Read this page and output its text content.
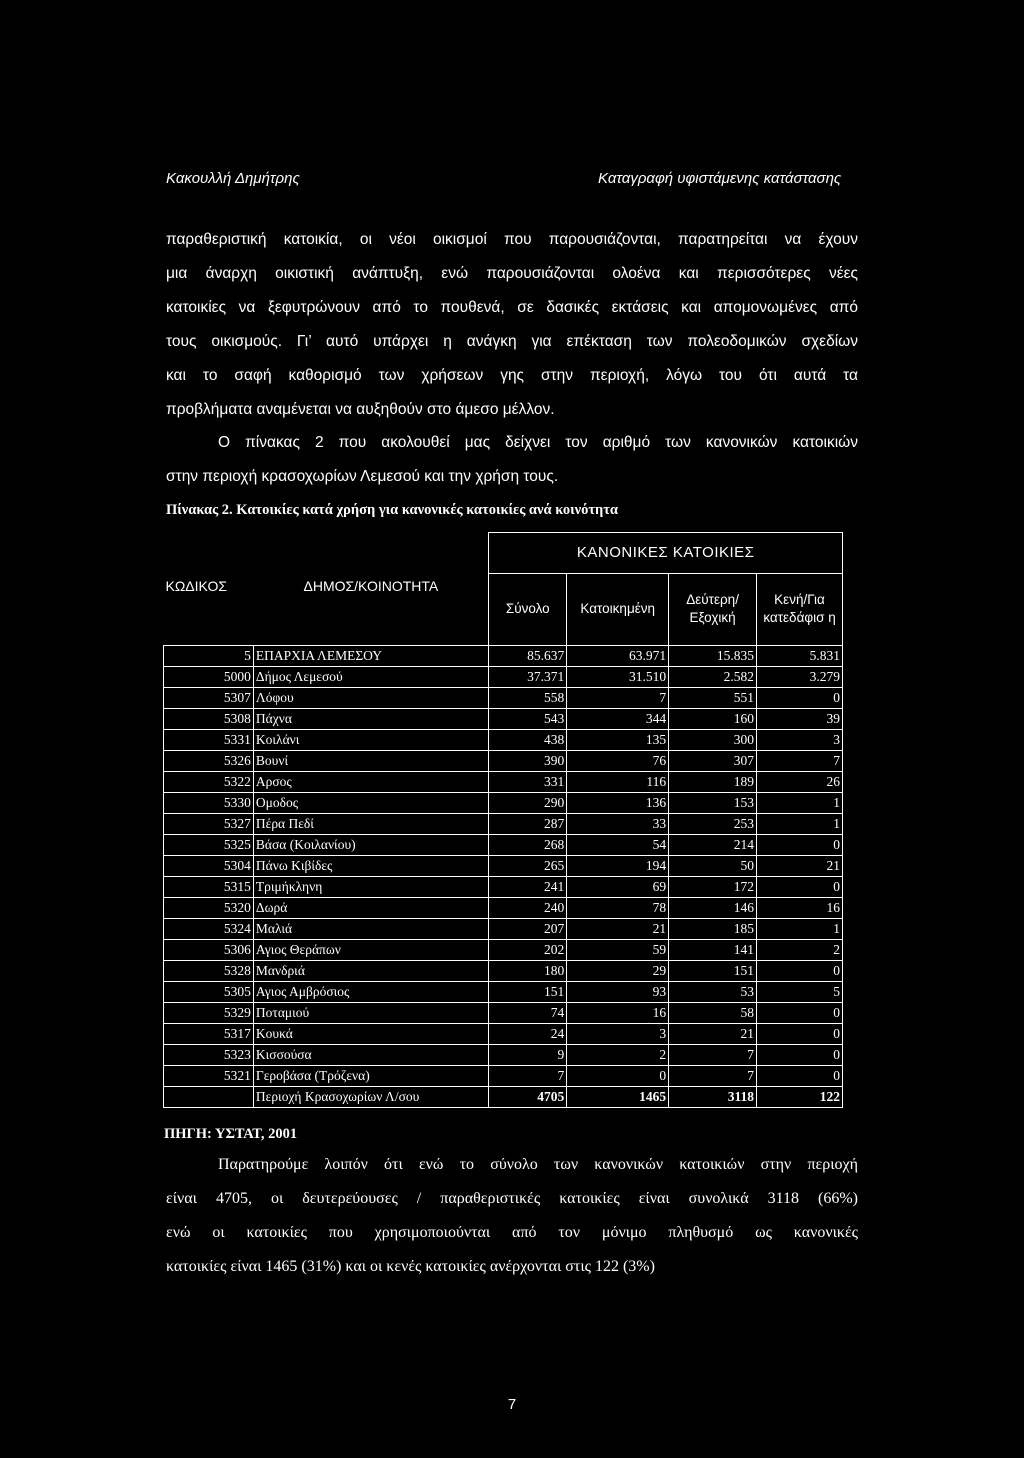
Κακουλλή Δημήτρης	Καταγραφή υφιστάμενης κατάστασης

παραθεριστική κατοικία, οι νέοι οικισμοί που παρουσιάζονται, παρατηρείται να έχουν

μια άναρχη οικιστική ανάπτυξη, ενώ παρουσιάζονται ολοένα και περισσότερες νέες

κατοικίες να ξεφυτρώνουν από το πουθενά, σε δασικές εκτάσεις και απομονωμένες από

τους οικισμούς. Γι’ αυτό υπάρχει η ανάγκη για επέκταση των πολεοδομικών σχεδίων

και το σαφή καθορισμό των χρήσεων γης στην περιοχή, λόγω του ότι αυτά τα

προβλήματα αναμένεται να αυξηθούν στο άμεσο μέλλον.

Ο πίνακας 2 που ακολουθεί μας δείχνει τον αριθμό των κανονικών κατοικιών

στην περιοχή κρασοχωρίων Λεμεσού και την χρήση τους.

Πίνακας 2. Κατοικίες κατά χρήση για κανονικές κατοικίες ανά κοινότητα
		ΚΑΝΟΝΙΚΕΣ ΚΑΤΟΙΚΙΕΣ			

ΚΩΔΙΚΟΣ	ΔΗΜΟΣ/ΚΟΙΝΟΤΗΤΑ	Σύνολο	Κατοικημένη	Δεύτερη/ Εξοχική	Κενή/Για κατεδάφισ η
5	ΕΠΑΡΧΙΑ ΛΕΜΕΣΟΥ	85.637	63.971	15.835	5.831
5000	Δήμος Λεμεσού	37.371	31.510	2.582	3.279
5307	Λόφου	558	7	551	0
5308	Πάχνα	543	344	160	39
5331	Κοιλάνι	438	135	300	3
5326	Βουνί	390	76	307	7
5322	Αρσος	331	116	189	26
5330	Ομοδος	290	136	153	1
5327	Πέρα Πεδί	287	33	253	1
5325	Βάσα (Κοιλανίου)	268	54	214	0
5304	Πάνω Κιβίδες	265	194	50	21
5315	Τριμήκληνη	241	69	172	0
5320	Δωρά	240	78	146	16
5324	Μαλιά	207	21	185	1
5306	Αγιος Θεράπων	202	59	141	2
5328	Μανδριά	180	29	151	0
5305	Αγιος Αμβρόσιος	151	93	53	5
5329	Ποταμιού	74	16	58	0
5317	Κουκά	24	3	21	0
5323	Κισσούσα	9	2	7	0
5321	Γεροβάσα (Τρόζενα)	7	0	7	0
	Περιοχή Κρασοχωρίων Λ/σου	4705	1465	3118	122
ΠΗΓΗ: ΥΣΤΑΤ, 2001

Παρατηρούμε λοιπόν ότι ενώ το σύνολο των κανονικών κατοικιών στην περιοχή

είναι 4705, οι δευτερεύουσες / παραθεριστικές κατοικίες είναι συνολικά 3118 (66%)

ενώ οι κατοικίες που χρησιμοποιούνται από τον μόνιμο πληθυσμό ως κανονικές

κατοικίες είναι 1465 (31%) και οι κενές κατοικίες ανέρχονται στις 122 (3%)

7
